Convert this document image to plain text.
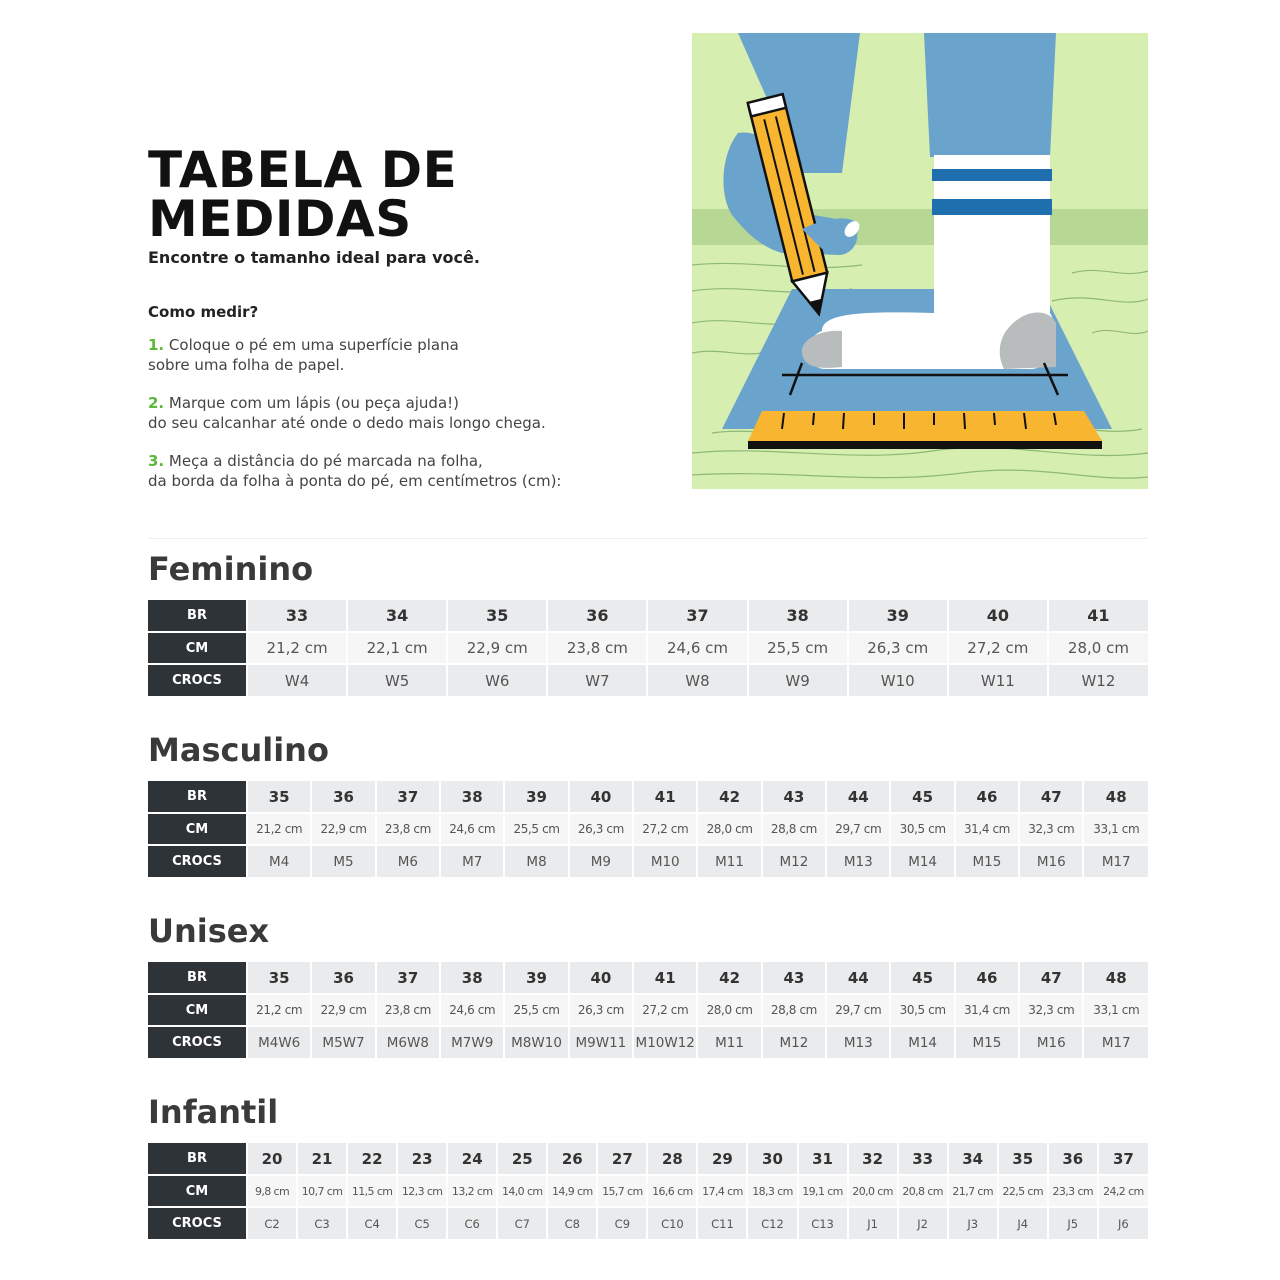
TABELA DE
MEDIDAS
Encontre o tamanho ideal para você.
Como medir?
1. Coloque o pé em uma superfície plana
sobre uma folha de papel.
2. Marque com um lápis (ou peça ajuda!)
do seu calcanhar até onde o dedo mais longo chega.
3. Meça a distância do pé marcada na folha,
da borda da folha à ponta do pé, em centímetros (cm):
Feminino
BR	33	34	35	36	37	38	39	40	41
CM	21,2 cm	22,1 cm	22,9 cm	23,8 cm	24,6 cm	25,5 cm	26,3 cm	27,2 cm	28,0 cm
CROCS	W4	W5	W6	W7	W8	W9	W10	W11	W12
Masculino
BR	35	36	37	38	39	40	41	42	43	44	45	46	47	48
CM	21,2 cm	22,9 cm	23,8 cm	24,6 cm	25,5 cm	26,3 cm	27,2 cm	28,0 cm	28,8 cm	29,7 cm	30,5 cm	31,4 cm	32,3 cm	33,1 cm
CROCS	M4	M5	M6	M7	M8	M9	M10	M11	M12	M13	M14	M15	M16	M17
Unisex
BR	35	36	37	38	39	40	41	42	43	44	45	46	47	48
CM	21,2 cm	22,9 cm	23,8 cm	24,6 cm	25,5 cm	26,3 cm	27,2 cm	28,0 cm	28,8 cm	29,7 cm	30,5 cm	31,4 cm	32,3 cm	33,1 cm
CROCS	M4W6	M5W7	M6W8	M7W9	M8W10	M9W11	M10W12	M11	M12	M13	M14	M15	M16	M17
Infantil
BR	20	21	22	23	24	25	26	27	28	29	30	31	32	33	34	35	36	37
CM	9,8 cm	10,7 cm	11,5 cm	12,3 cm	13,2 cm	14,0 cm	14,9 cm	15,7 cm	16,6 cm	17,4 cm	18,3 cm	19,1 cm	20,0 cm	20,8 cm	21,7 cm	22,5 cm	23,3 cm	24,2 cm
CROCS	C2	C3	C4	C5	C6	C7	C8	C9	C10	C11	C12	C13	J1	J2	J3	J4	J5	J6
